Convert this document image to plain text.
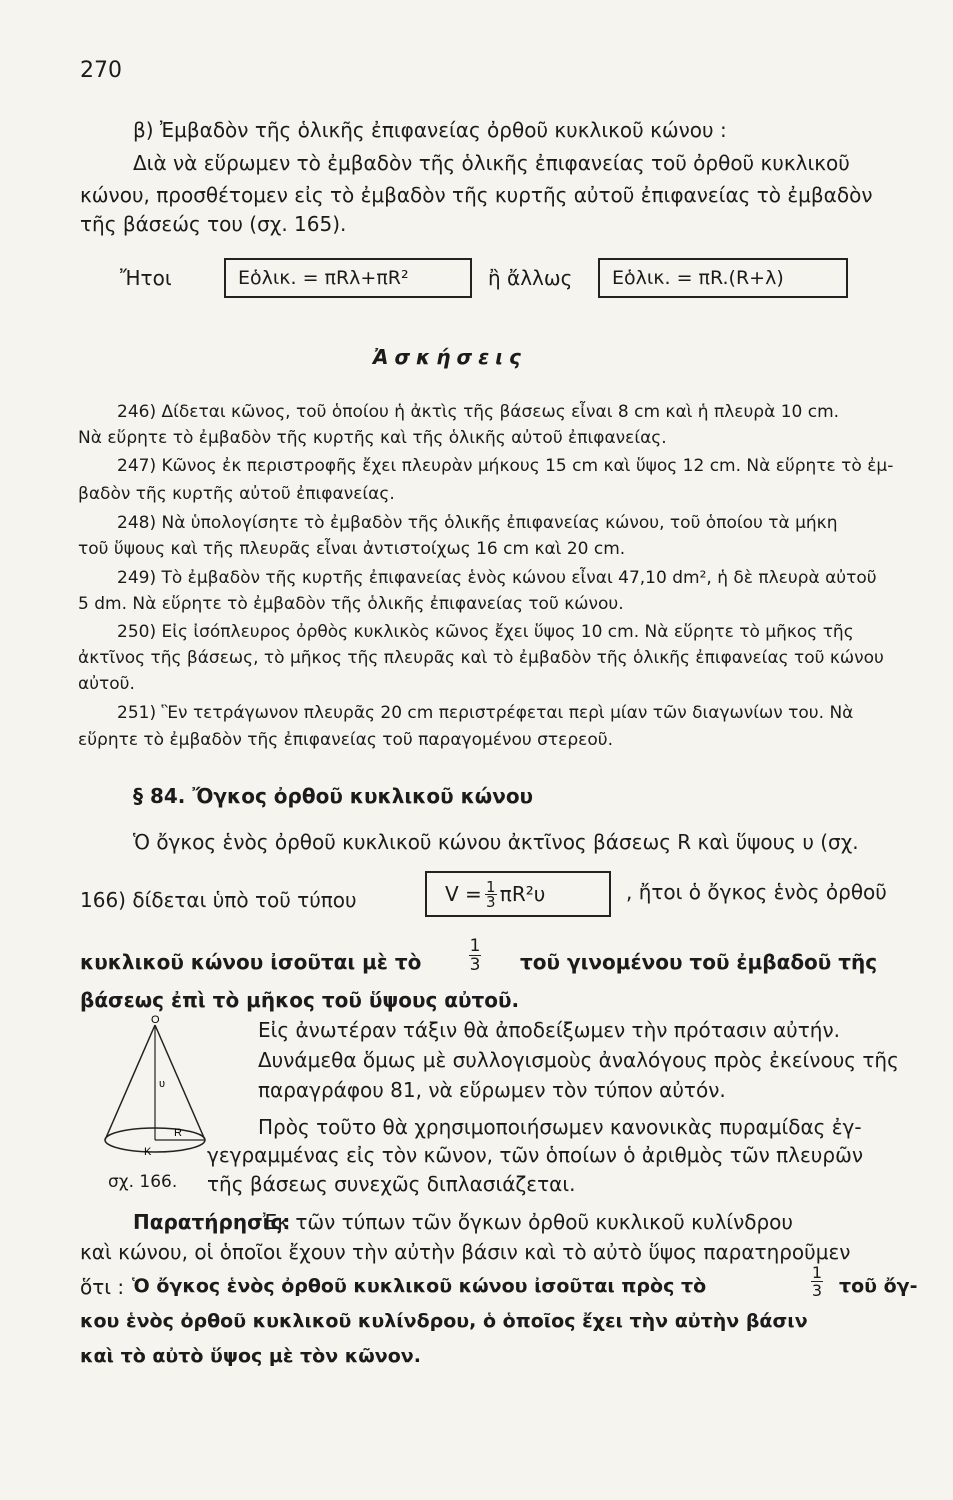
270
β) Ἐμβαδὸν τῆς ὁλικῆς ἐπιφανείας ὀρθοῦ κυκλικοῦ κώνου :
Διὰ νὰ εὕρωμεν τὸ ἐμβαδὸν τῆς ὁλικῆς ἐπιφανείας τοῦ ὀρθοῦ κυκλικοῦ
κώνου, προσθέτομεν εἰς τὸ ἐμβαδὸν τῆς κυρτῆς αὐτοῦ ἐπιφανείας τὸ ἐμβαδὸν
τῆς βάσεώς του (σχ. 165).
Ἤτοι	Eὁλικ. = πRλ+πR²	ἢ ἄλλως Eὁλικ. = πR.(R+λ)
Ἀσκήσεις
246) Δίδεται κῶνος, τοῦ ὁποίου ἡ ἀκτὶς τῆς βάσεως εἶναι 8 cm καὶ ἡ πλευρὰ 10 cm.
Νὰ εὕρητε τὸ ἐμβαδὸν τῆς κυρτῆς καὶ τῆς ὁλικῆς αὐτοῦ ἐπιφανείας.
247) Κῶνος ἐκ περιστροφῆς ἔχει πλευρὰν μήκους 15 cm καὶ ὕψος 12 cm. Νὰ εὕρητε τὸ ἐμ-
βαδὸν τῆς κυρτῆς αὐτοῦ ἐπιφανείας.
248) Νὰ ὑπολογίσητε τὸ ἐμβαδὸν τῆς ὁλικῆς ἐπιφανείας κώνου, τοῦ ὁποίου τὰ μήκη
τοῦ ὕψους καὶ τῆς πλευρᾶς εἶναι ἀντιστοίχως 16 cm καὶ 20 cm.
249) Τὸ ἐμβαδὸν τῆς κυρτῆς ἐπιφανείας ἑνὸς κώνου εἶναι 47,10 dm², ἡ δὲ πλευρὰ αὐτοῦ
5 dm. Νὰ εὕρητε τὸ ἐμβαδὸν τῆς ὁλικῆς ἐπιφανείας τοῦ κώνου.
250) Εἰς ἰσόπλευρος ὀρθὸς κυκλικὸς κῶνος ἔχει ὕψος 10 cm. Νὰ εὕρητε τὸ μῆκος τῆς
ἀκτῖνος τῆς βάσεως, τὸ μῆκος τῆς πλευρᾶς καὶ τὸ ἐμβαδὸν τῆς ὁλικῆς ἐπιφανείας τοῦ κώνου
αὐτοῦ.
251) Ἓν τετράγωνον πλευρᾶς 20 cm περιστρέφεται περὶ μίαν τῶν διαγωνίων του. Νὰ
εὕρητε τὸ ἐμβαδὸν τῆς ἐπιφανείας τοῦ παραγομένου στερεοῦ.
§ 84. Ὄγκος ὀρθοῦ κυκλικοῦ κώνου
Ὁ ὄγκος ἑνὸς ὀρθοῦ κυκλικοῦ κώνου ἀκτῖνος βάσεως R καὶ ὕψους υ (σχ.
166) δίδεται ὑπὸ τοῦ τύπου	$V = \frac{1}{3} \pi R^2\upsilon$	, ἤτοι ὁ ὄγκος ἑνὸς ὀρθοῦ
κυκλικοῦ κώνου ἰσοῦται μὲ τὸ
1
3 τοῦ γινομένου τοῦ ἐμβαδοῦ τῆς
βάσεως ἐπὶ τὸ μῆκος τοῦ ὕψους αὐτοῦ.
Ο
υ
K
R
σχ. 166.
Εἰς ἀνωτέραν τάξιν θὰ ἀποδείξωμεν τὴν πρότασιν αὐτήν.
Δυνάμεθα ὅμως μὲ συλλογισμοὺς ἀναλόγους πρὸς ἐκείνους τῆς
παραγράφου 81, νὰ εὕρωμεν τὸν τύπον αὐτόν.
Πρὸς τοῦτο θὰ χρησιμοποιήσωμεν κανονικὰς πυραμίδας ἐγ-
γεγραμμένας εἰς τὸν κῶνον, τῶν ὁποίων ὁ ἀριθμὸς τῶν πλευρῶν
τῆς βάσεως συνεχῶς διπλασιάζεται.
Παρατήρησις:
Ἐκ τῶν τύπων τῶν ὄγκων ὀρθοῦ κυκλικοῦ κυλίνδρου
καὶ κώνου, οἱ ὁποῖοι ἔχουν τὴν αὐτὴν βάσιν καὶ τὸ αὐτὸ ὕψος παρατηροῦμεν
ὅτι : Ὁ ὄγκος ἑνὸς ὀρθοῦ κυκλικοῦ κώνου ἰσοῦται πρὸς τὸ
1
3 τοῦ ὄγ-
κου ἑνὸς ὀρθοῦ κυκλικοῦ κυλίνδρου, ὁ ὁποῖος ἔχει τὴν αὐτὴν βάσιν
καὶ τὸ αὐτὸ ὕψος μὲ τὸν κῶνον.
